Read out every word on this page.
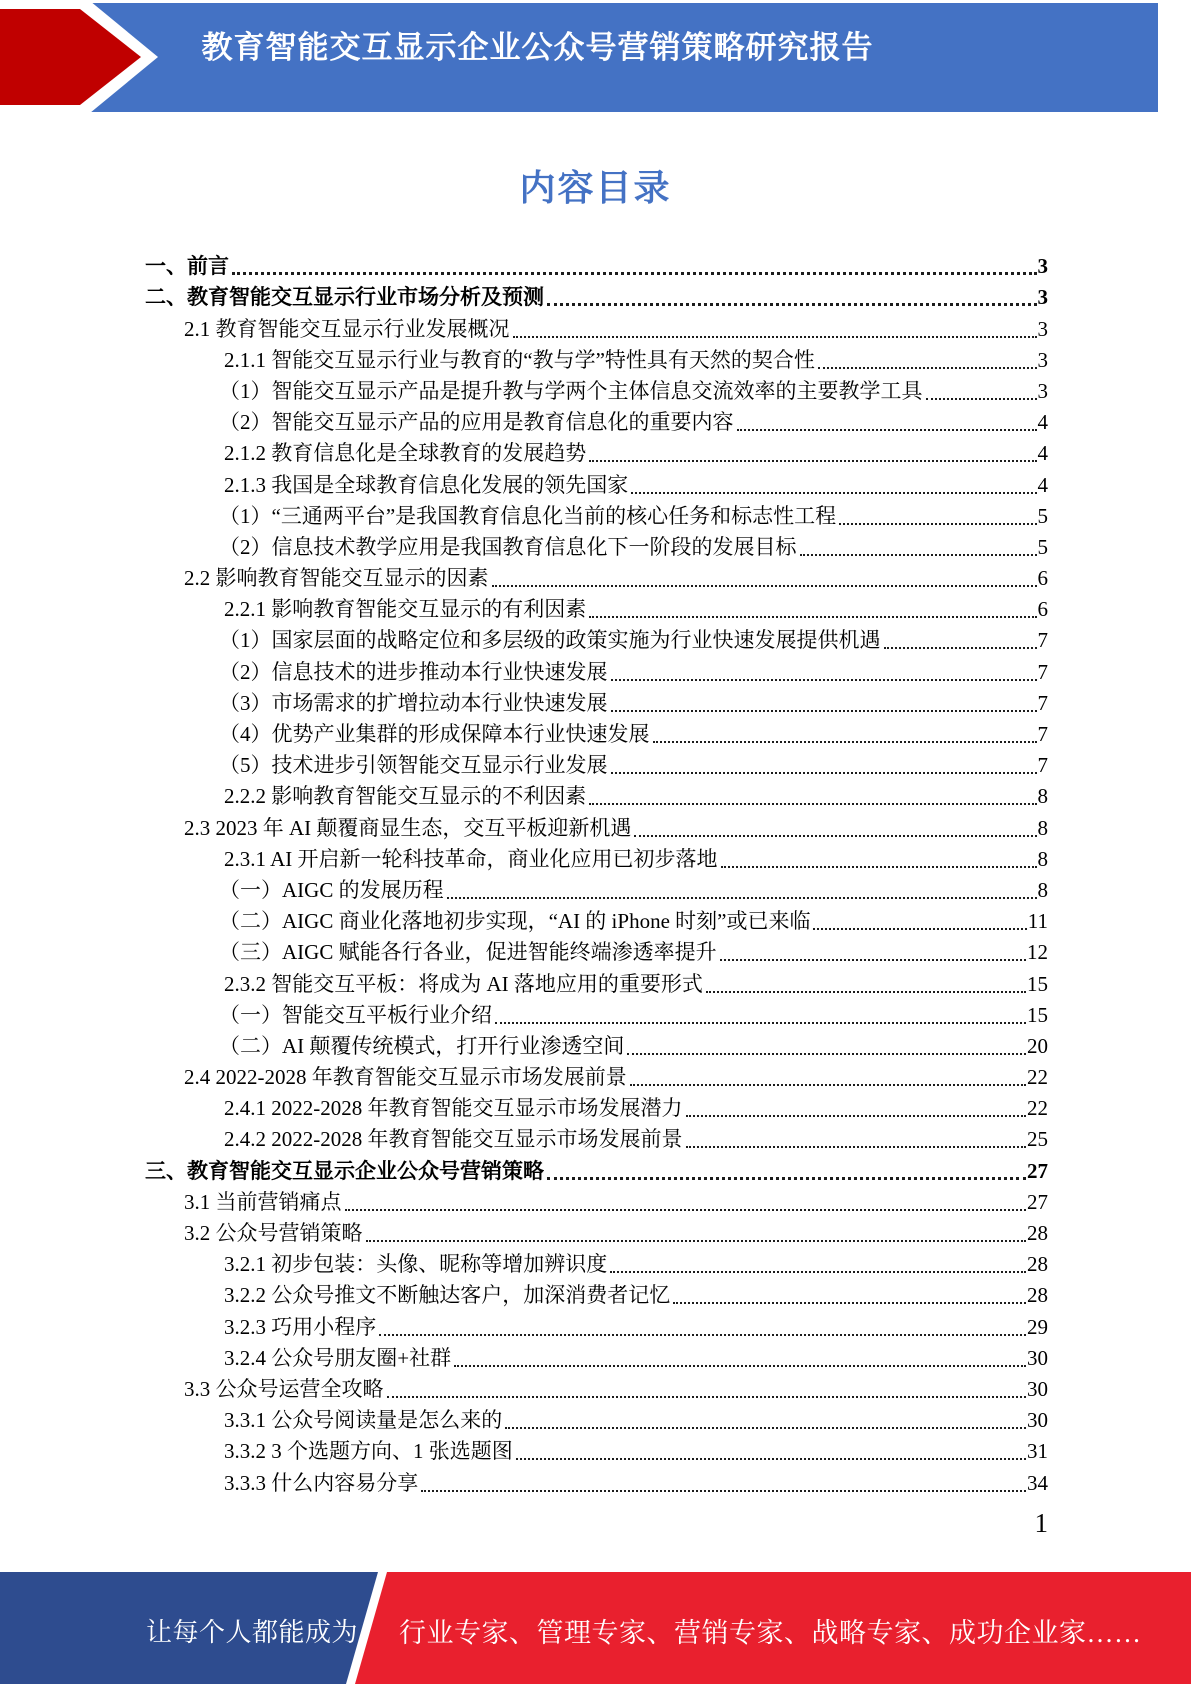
教育智能交互显示企业公众号营销策略研究报告
内容目录
一、前言	3
二、教育智能交互显示行业市场分析及预测	3
2.1 教育智能交互显示行业发展概况	3
2.1.1 智能交互显示行业与教育的“教与学”特性具有天然的契合性	3
（1）智能交互显示产品是提升教与学两个主体信息交流效率的主要教学工具	3
（2）智能交互显示产品的应用是教育信息化的重要内容	4
2.1.2 教育信息化是全球教育的发展趋势	4
2.1.3 我国是全球教育信息化发展的领先国家	4
（1）“三通两平台”是我国教育信息化当前的核心任务和标志性工程	5
（2）信息技术教学应用是我国教育信息化下一阶段的发展目标	5
2.2 影响教育智能交互显示的因素	6
2.2.1 影响教育智能交互显示的有利因素	6
（1）国家层面的战略定位和多层级的政策实施为行业快速发展提供机遇	7
（2）信息技术的进步推动本行业快速发展	7
（3）市场需求的扩增拉动本行业快速发展	7
（4）优势产业集群的形成保障本行业快速发展	7
（5）技术进步引领智能交互显示行业发展	7
2.2.2 影响教育智能交互显示的不利因素	8
2.3 2023 年 AI 颠覆商显生态，交互平板迎新机遇	8
2.3.1 AI 开启新一轮科技革命，商业化应用已初步落地	8
（一）AIGC 的发展历程	8
（二）AIGC 商业化落地初步实现，“AI 的 iPhone 时刻”或已来临	11
（三）AIGC 赋能各行各业，促进智能终端渗透率提升	12
2.3.2 智能交互平板：将成为 AI 落地应用的重要形式	15
（一）智能交互平板行业介绍	15
（二）AI 颠覆传统模式，打开行业渗透空间	20
2.4 2022-2028 年教育智能交互显示市场发展前景	22
2.4.1 2022-2028 年教育智能交互显示市场发展潜力	22
2.4.2 2022-2028 年教育智能交互显示市场发展前景	25
三、教育智能交互显示企业公众号营销策略	27
3.1 当前营销痛点	27
3.2 公众号营销策略	28
3.2.1 初步包装：头像、昵称等增加辨识度	28
3.2.2 公众号推文不断触达客户，加深消费者记忆	28
3.2.3 巧用小程序	29
3.2.4 公众号朋友圈+社群	30
3.3 公众号运营全攻略	30
3.3.1 公众号阅读量是怎么来的	30
3.3.2 3 个选题方向、1 张选题图	31
3.3.3 什么内容易分享	34
1
让每个人都能成为 行业专家、管理专家、营销专家、战略专家、成功企业家……
